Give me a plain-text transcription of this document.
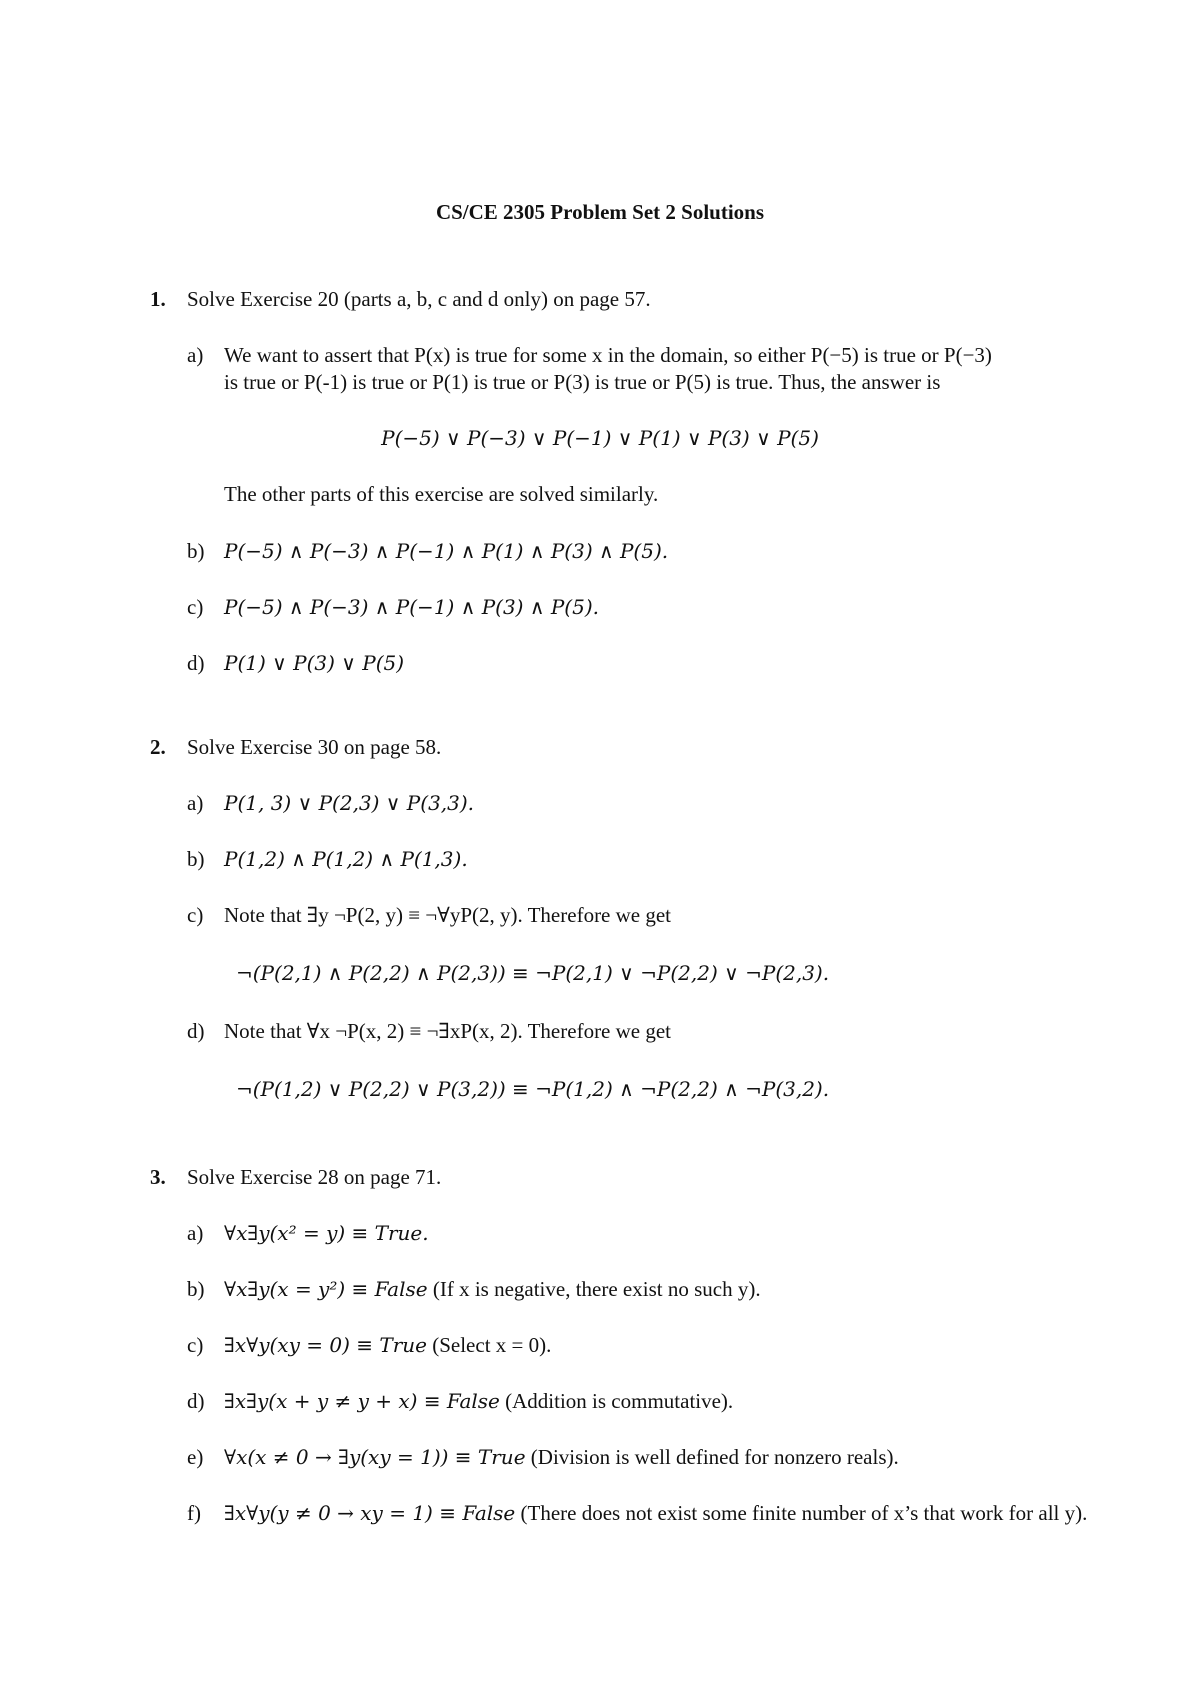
CS/CE 2305 Problem Set 2 Solutions
1. Solve Exercise 20 (parts a, b, c and d only) on page 57.
a) We want to assert that P(x) is true for some x in the domain, so either P(−5) is true or P(−3)
is true or P(-1) is true or P(1) is true or P(3) is true or P(5) is true. Thus, the answer is
P(−5) ∨ P(−3) ∨ P(−1) ∨ P(1) ∨ P(3) ∨ P(5)
The other parts of this exercise are solved similarly.
b) P(−5) ∧ P(−3) ∧ P(−1) ∧ P(1) ∧ P(3) ∧ P(5).
c) P(−5) ∧ P(−3) ∧ P(−1) ∧ P(3) ∧ P(5).
d) P(1) ∨ P(3) ∨ P(5)
2. Solve Exercise 30 on page 58.
a) P(1, 3) ∨ P(2,3) ∨ P(3,3).
b) P(1,2) ∧ P(1,2) ∧ P(1,3).
c) Note that ∃y ¬P(2, y) ≡ ¬∀yP(2, y). Therefore we get
¬(P(2,1) ∧ P(2,2) ∧ P(2,3)) ≡ ¬P(2,1) ∨ ¬P(2,2) ∨ ¬P(2,3).
d) Note that ∀x ¬P(x, 2) ≡ ¬∃xP(x, 2). Therefore we get
¬(P(1,2) ∨ P(2,2) ∨ P(3,2)) ≡ ¬P(1,2) ∧ ¬P(2,2) ∧ ¬P(3,2).
3. Solve Exercise 28 on page 71.
a) ∀x∃y(x² = y) ≡ True.
b) ∀x∃y(x = y²) ≡ False (If x is negative, there exist no such y).
c) ∃x∀y(xy = 0) ≡ True (Select x = 0).
d) ∃x∃y(x + y ≠ y + x) ≡ False (Addition is commutative).
e) ∀x(x ≠ 0 → ∃y(xy = 1)) ≡ True (Division is well defined for nonzero reals).
f) ∃x∀y(y ≠ 0 → xy = 1) ≡ False (There does not exist some finite number of x’s that work for all y).
